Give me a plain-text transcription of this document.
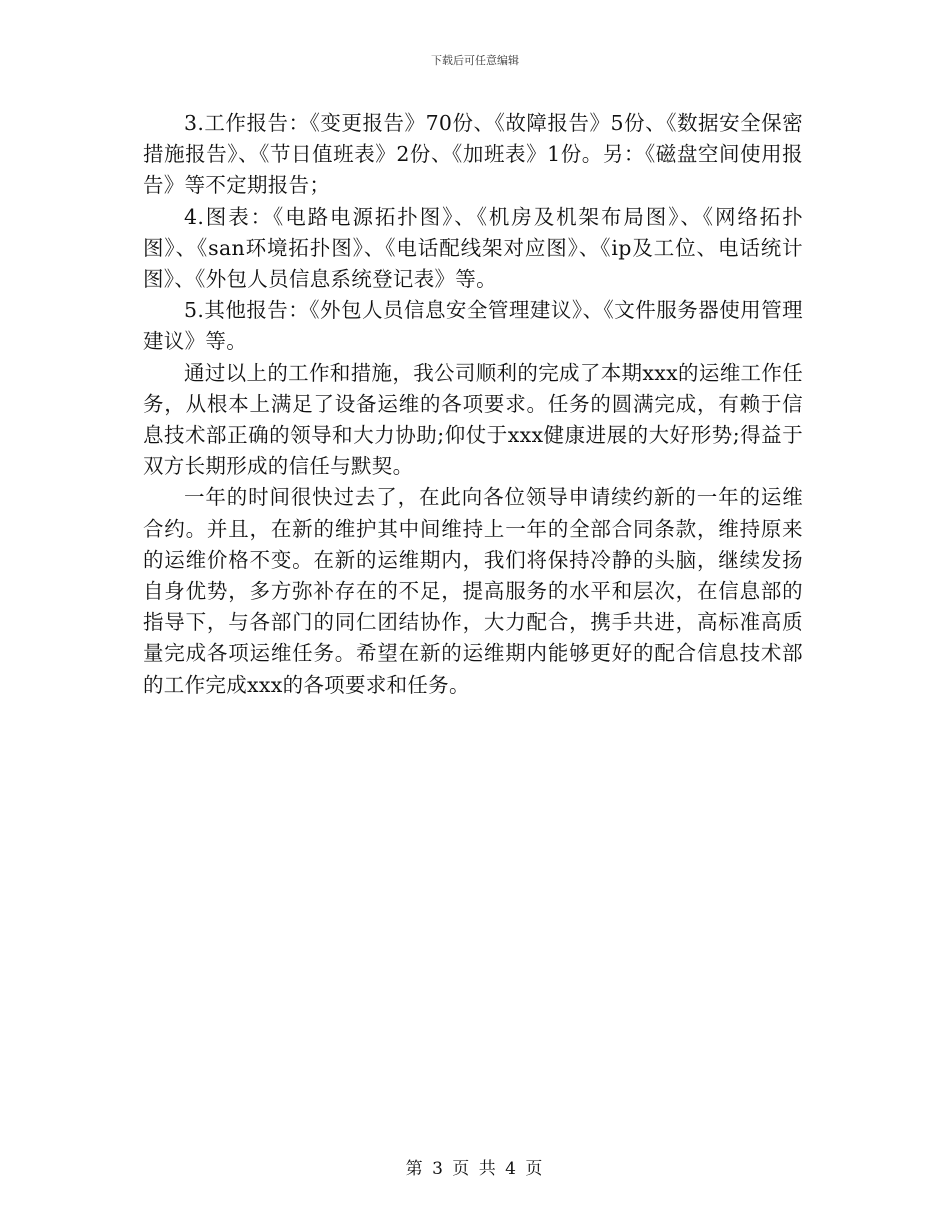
下载后可任意编辑

3.工作报告：《变更报告》70份、《故障报告》5份、《数据安全保密措施报告》、《节日值班表》2份、《加班表》1份。另：《磁盘空间使用报告》等不定期报告；

4.图表：《电路电源拓扑图》、《机房及机架布局图》、《网络拓扑图》、《san环境拓扑图》、《电话配线架对应图》、《ip及工位、电话统计图》、《外包人员信息系统登记表》等。

5.其他报告：《外包人员信息安全管理建议》、《文件服务器使用管理建议》等。

通过以上的工作和措施，我公司顺利的完成了本期xxx的运维工作任务，从根本上满足了设备运维的各项要求。任务的圆满完成，有赖于信息技术部正确的领导和大力协助;仰仗于xxx健康进展的大好形势;得益于双方长期形成的信任与默契。

一年的时间很快过去了，在此向各位领导申请续约新的一年的运维合约。并且，在新的维护其中间维持上一年的全部合同条款，维持原来的运维价格不变。在新的运维期内，我们将保持冷静的头脑，继续发扬自身优势，多方弥补存在的不足，提高服务的水平和层次，在信息部的指导下，与各部门的同仁团结协作，大力配合，携手共进，高标准高质量完成各项运维任务。希望在新的运维期内能够更好的配合信息技术部的工作完成xxx的各项要求和任务。

第 3 页 共 4 页
